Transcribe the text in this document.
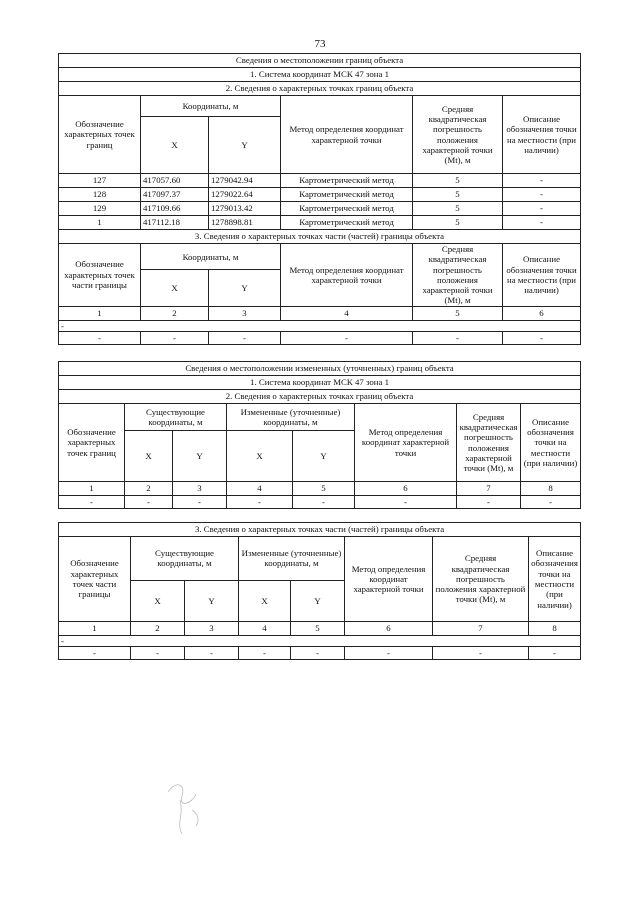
73
Сведения о местоположении границ объекта					
1. Система координат МСК 47 зона 1					
2. Сведения о характерных точках границ объекта					
Обозначение характерных точек границ	Координаты, м		Метод определения координат характерной точки	Средняя квадратическая погрешность положения характерной точки (Mt), м	Описание обозначения точки на местности (при наличии)
	X	Y			
127	417057.60	1279042.94	Картометрический метод	5	-
128	417097.37	1279022.64	Картометрический метод	5	-
129	417109.66	1279013.42	Картометрический метод	5	-
1	417112.18	1278898.81	Картометрический метод	5	-
3. Сведения о характерных точках части (частей) границы объекта					
Обозначение характерных точек части границы	Координаты, м		Метод определения координат характерной точки	Средняя квадратическая погрешность положения характерной точки (Mt), м	Описание обозначения точки на местности (при наличии)
	X	Y			
1	2	3	4	5	6
-					
-	-	-	-	-	-
Сведения о местоположении измененных (уточненных) границ объекта							
1. Система координат МСК 47 зона 1							
2. Сведения о характерных точках границ объекта							
Обозначение характерных точек границ	Существующие координаты, м		Измененные (уточненные) координаты, м		Метод определения координат характерной точки	Средняя квадратическая погрешность положения характерной точки (Mt), м	Описание обозначения точки на местности (при наличии)
	X	Y	X	Y			
1	2	3	4	5	6	7	8
-	-	-	-	-	-	-	-
3. Сведения о характерных точках части (частей) границы объекта							
Обозначение характерных точек части границы	Существующие координаты, м		Измененные (уточненные) координаты, м		Метод определения координат характерной точки	Средняя квадратическая погрешность положения характерной точки (Mt), м	Описание обозначения точки на местности (при наличии)
	X	Y	X	Y			
1	2	3	4	5	6	7	8
-							
-	-	-	-	-	-	-	-
